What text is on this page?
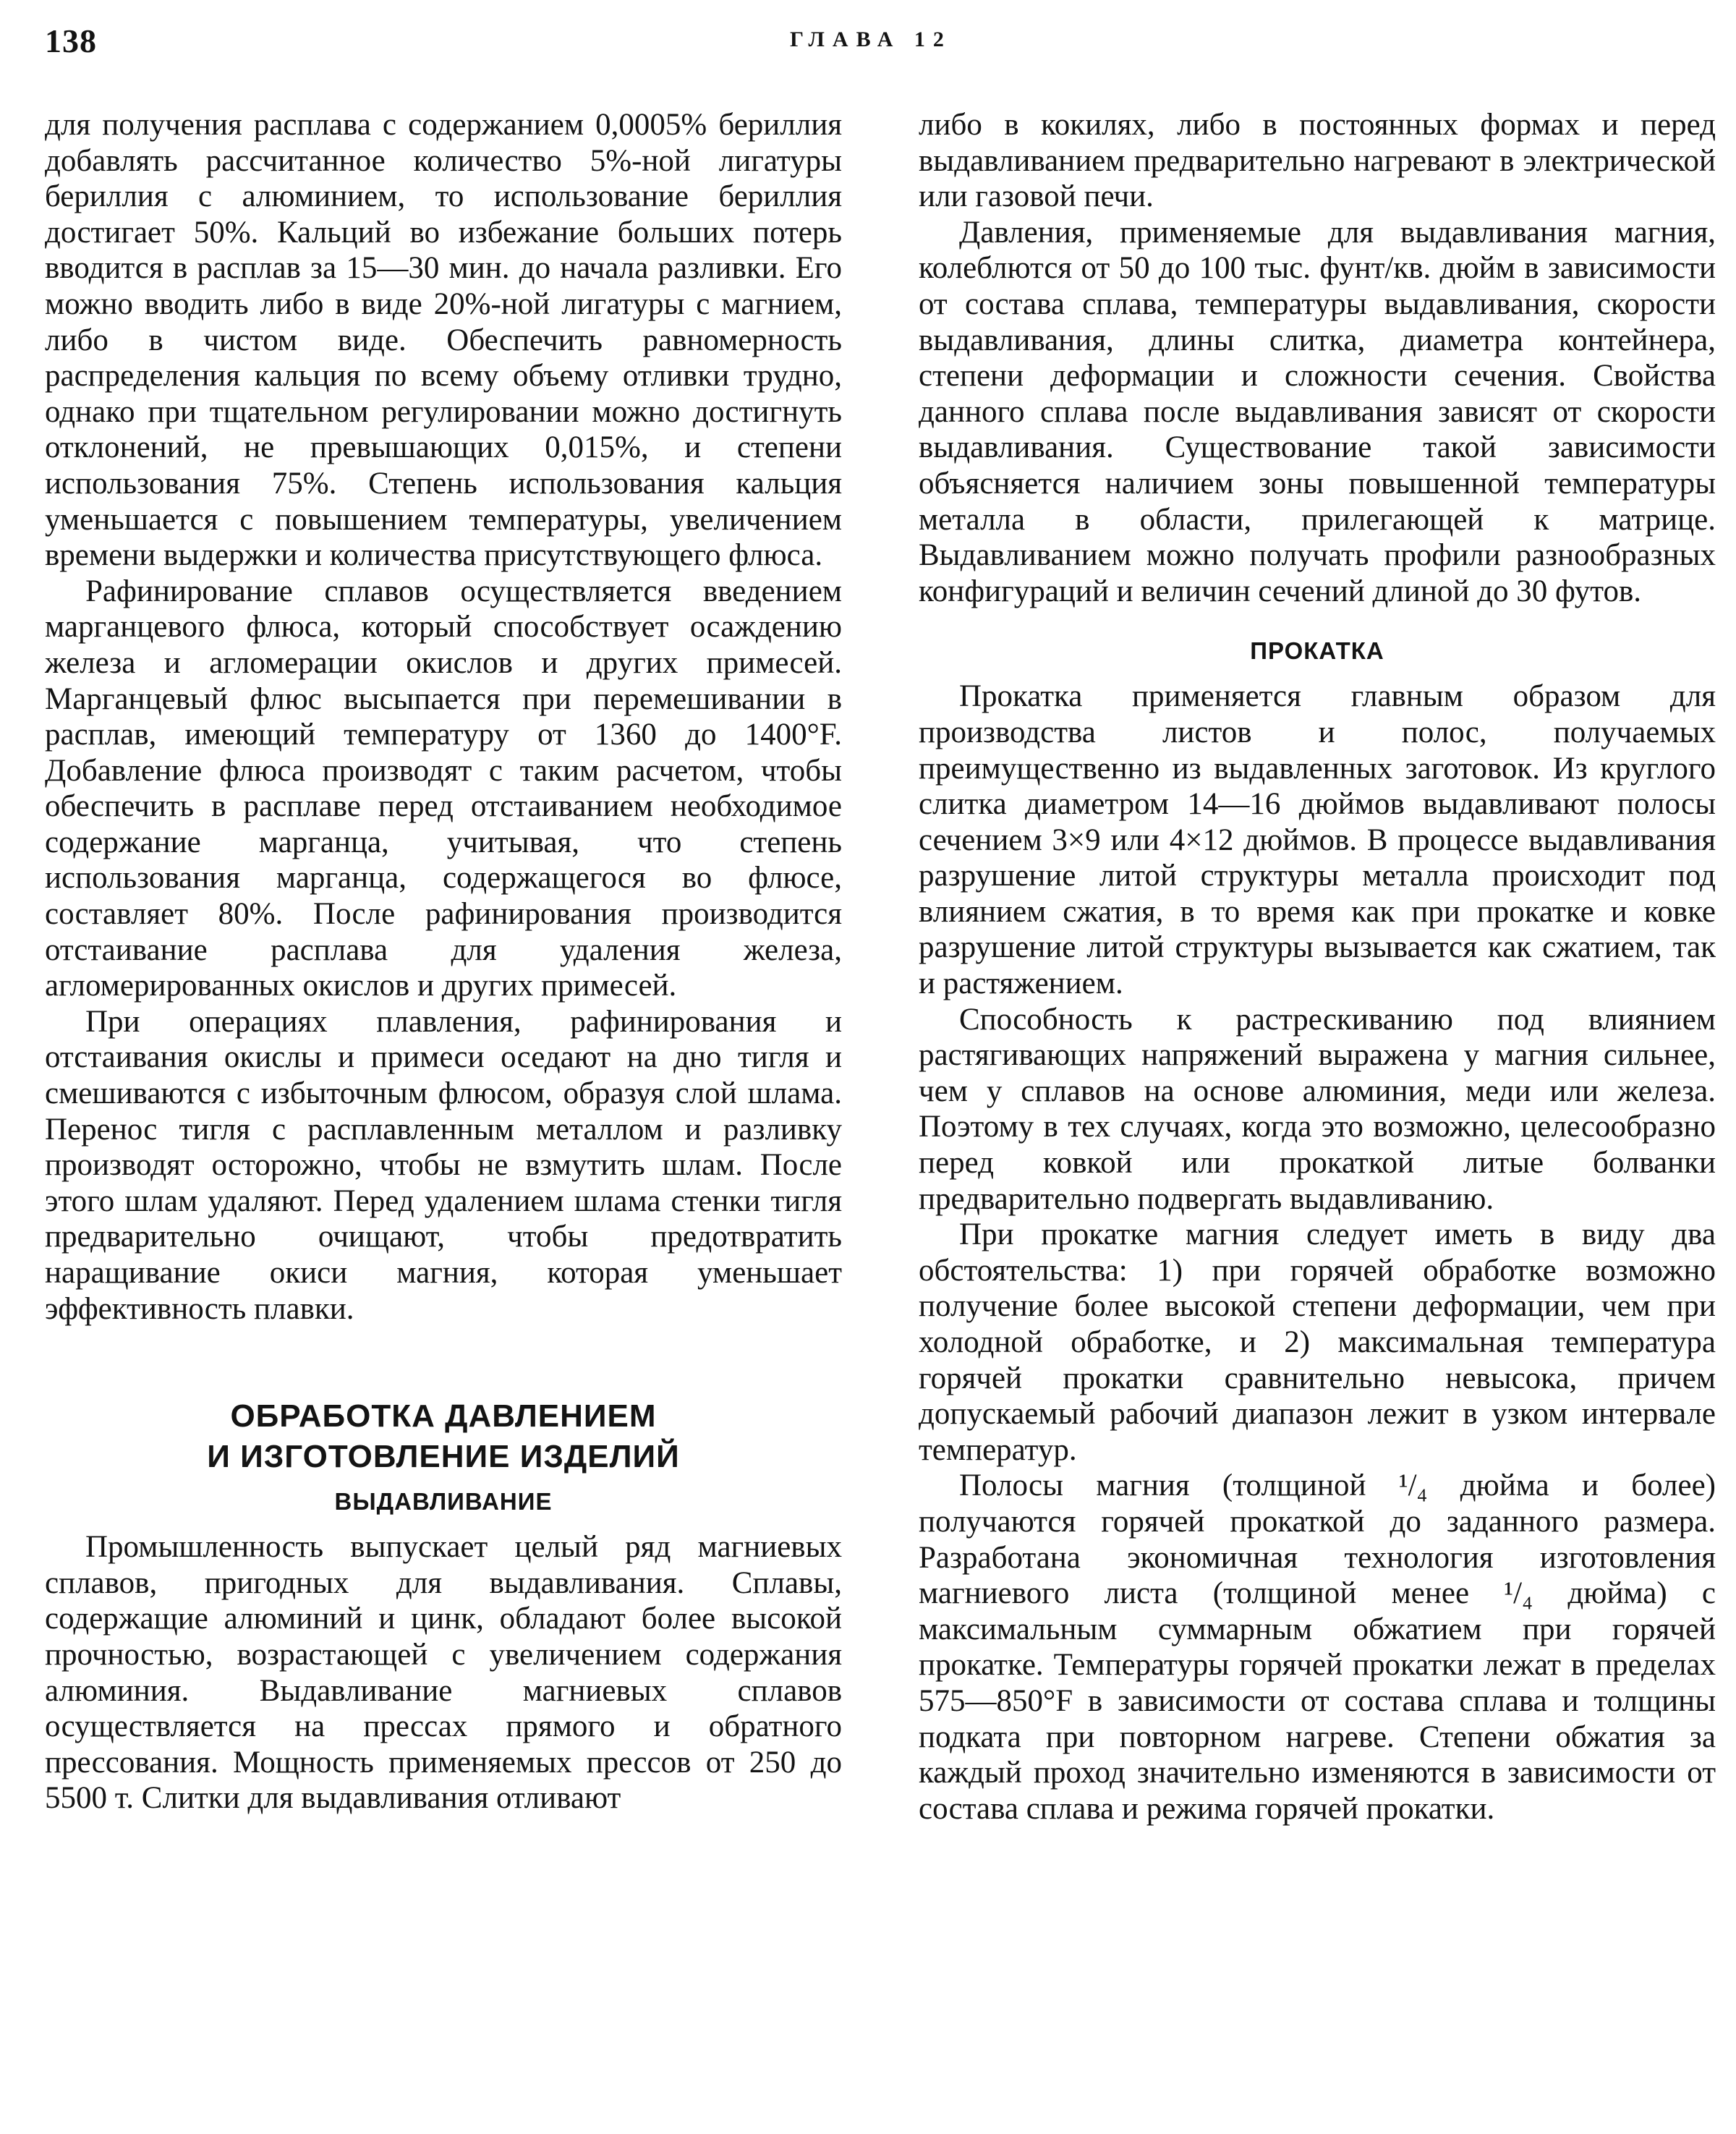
138	ГЛАВА 12

для получения расплава с содержанием 0,0005% бериллия добавлять рассчитанное количество 5%-ной лигатуры бериллия с алюминием, то использование бериллия достигает 50%. Кальций во избежание больших потерь вводится в расплав за 15—30 мин. до начала разливки. Его можно вводить либо в виде 20%-ной лигатуры с магнием, либо в чистом виде. Обеспечить равномерность распределения кальция по всему объему отливки трудно, однако при тщательном регулировании можно достигнуть отклонений, не превышающих 0,015%, и степени использования 75%. Степень использования кальция уменьшается с повышением температуры, увеличением времени выдержки и количества присутствующего флюса.

Рафинирование сплавов осуществляется введением марганцевого флюса, который способствует осаждению железа и агломерации окислов и других примесей. Марганцевый флюс высыпается при перемешивании в расплав, имеющий температуру от 1360 до 1400°F. Добавление флюса производят с таким расчетом, чтобы обеспечить в расплаве перед отстаиванием необходимое содержание марганца, учитывая, что степень использования марганца, содержащегося во флюсе, составляет 80%. После рафинирования производится отстаивание расплава для удаления железа, агломерированных окислов и других примесей.

При операциях плавления, рафинирования и отстаивания окислы и примеси оседают на дно тигля и смешиваются с избыточным флюсом, образуя слой шлама. Перенос тигля с расплавленным металлом и разливку производят осторожно, чтобы не взмутить шлам. После этого шлам удаляют. Перед удалением шлама стенки тигля предварительно очищают, чтобы предотвратить наращивание окиси магния, которая уменьшает эффективность плавки.

ОБРАБОТКА ДАВЛЕНИЕМ
И ИЗГОТОВЛЕНИЕ ИЗДЕЛИЙ
ВЫДАВЛИВАНИЕ

Промышленность выпускает целый ряд магниевых сплавов, пригодных для выдавливания. Сплавы, содержащие алюминий и цинк, обладают более высокой прочностью, возрастающей с увеличением содержания алюминия. Выдавливание магниевых сплавов осуществляется на прессах прямого и обратного прессования. Мощность применяемых прессов от 250 до 5500 т. Слитки для выдавливания отливают

либо в кокилях, либо в постоянных формах и перед выдавливанием предварительно нагревают в электрической или газовой печи.

Давления, применяемые для выдавливания магния, колеблются от 50 до 100 тыс. фунт/кв. дюйм в зависимости от состава сплава, температуры выдавливания, скорости выдавливания, длины слитка, диаметра контейнера, степени деформации и сложности сечения. Свойства данного сплава после выдавливания зависят от скорости выдавливания. Существование такой зависимости объясняется наличием зоны повышенной температуры металла в области, прилегающей к матрице. Выдавливанием можно получать профили разнообразных конфигураций и величин сечений длиной до 30 футов.

ПРОКАТКА

Прокатка применяется главным образом для производства листов и полос, получаемых преимущественно из выдавленных заготовок. Из круглого слитка диаметром 14—16 дюймов выдавливают полосы сечением 3×9 или 4×12 дюймов. В процессе выдавливания разрушение литой структуры металла происходит под влиянием сжатия, в то время как при прокатке и ковке разрушение литой структуры вызывается как сжатием, так и растяжением.

Способность к растрескиванию под влиянием растягивающих напряжений выражена у магния сильнее, чем у сплавов на основе алюминия, меди или железа. Поэтому в тех случаях, когда это возможно, целесообразно перед ковкой или прокаткой литые болванки предварительно подвергать выдавливанию.

При прокатке магния следует иметь в виду два обстоятельства: 1) при горячей обработке возможно получение более высокой степени деформации, чем при холодной обработке, и 2) максимальная температура горячей прокатки сравнительно невысока, причем допускаемый рабочий диапазон лежит в узком интервале температур.

Полосы магния (толщиной ¹/₄ дюйма и более) получаются горячей прокаткой до заданного размера. Разработана экономичная технология изготовления магниевого листа (толщиной менее ¹/₄ дюйма) с максимальным суммарным обжатием при горячей прокатке. Температуры горячей прокатки лежат в пределах 575—850°F в зависимости от состава сплава и толщины подката при повторном нагреве. Степени обжатия за каждый проход значительно изменяются в зависимости от состава сплава и режима горячей прокатки.
